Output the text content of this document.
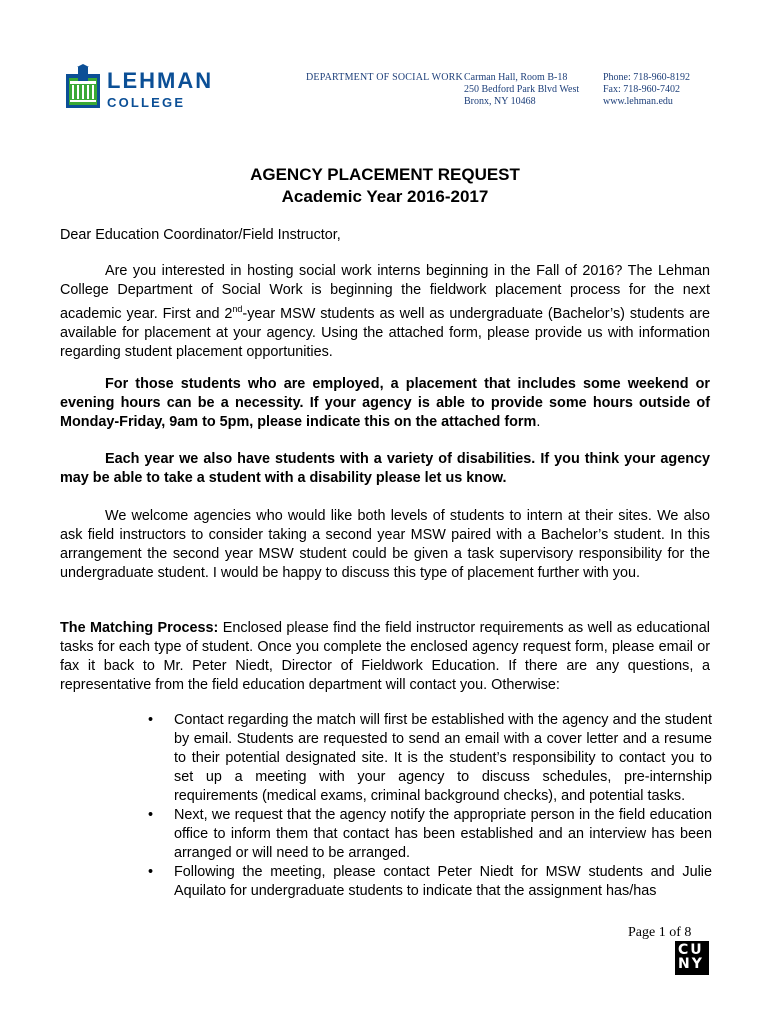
LEHMAN
COLLEGE
DEPARTMENT OF SOCIAL WORK Carman Hall, Room B-18
250 Bedford Park Blvd West
Bronx, NY 10468
Phone: 718-960-8192
Fax: 718-960-7402
www.lehman.edu
AGENCY PLACEMENT REQUEST
Academic Year 2016-2017
Dear Education Coordinator/Field Instructor,
Are you interested in hosting social work interns beginning in the Fall of 2016? The Lehman College Department of Social Work is beginning the fieldwork placement process for the next academic year. First and 2nd-year MSW students as well as undergraduate (Bachelor’s) students are available for placement at your agency. Using the attached form, please provide us with information regarding student placement opportunities.
For those students who are employed, a placement that includes some weekend or evening hours can be a necessity. If your agency is able to provide some hours outside of Monday-Friday, 9am to 5pm, please indicate this on the attached form.
Each year we also have students with a variety of disabilities. If you think your agency may be able to take a student with a disability please let us know.
We welcome agencies who would like both levels of students to intern at their sites. We also ask field instructors to consider taking a second year MSW paired with a Bachelor’s student. In this arrangement the second year MSW student could be given a task supervisory responsibility for the undergraduate student. I would be happy to discuss this type of placement further with you.
The Matching Process: Enclosed please find the field instructor requirements as well as educational tasks for each type of student. Once you complete the enclosed agency request form, please email or fax it back to Mr. Peter Niedt, Director of Fieldwork Education. If there are any questions, a representative from the field education department will contact you. Otherwise:
• Contact regarding the match will first be established with the agency and the student by email. Students are requested to send an email with a cover letter and a resume to their potential designated site. It is the student’s responsibility to contact you to set up a meeting with your agency to discuss schedules, pre-internship requirements (medical exams, criminal background checks), and potential tasks.
• Next, we request that the agency notify the appropriate person in the field education office to inform them that contact has been established and an interview has been arranged or will need to be arranged.
• Following the meeting, please contact Peter Niedt for MSW students and Julie Aquilato for undergraduate students to indicate that the assignment has/has
Page 1 of 8
CU
NY
